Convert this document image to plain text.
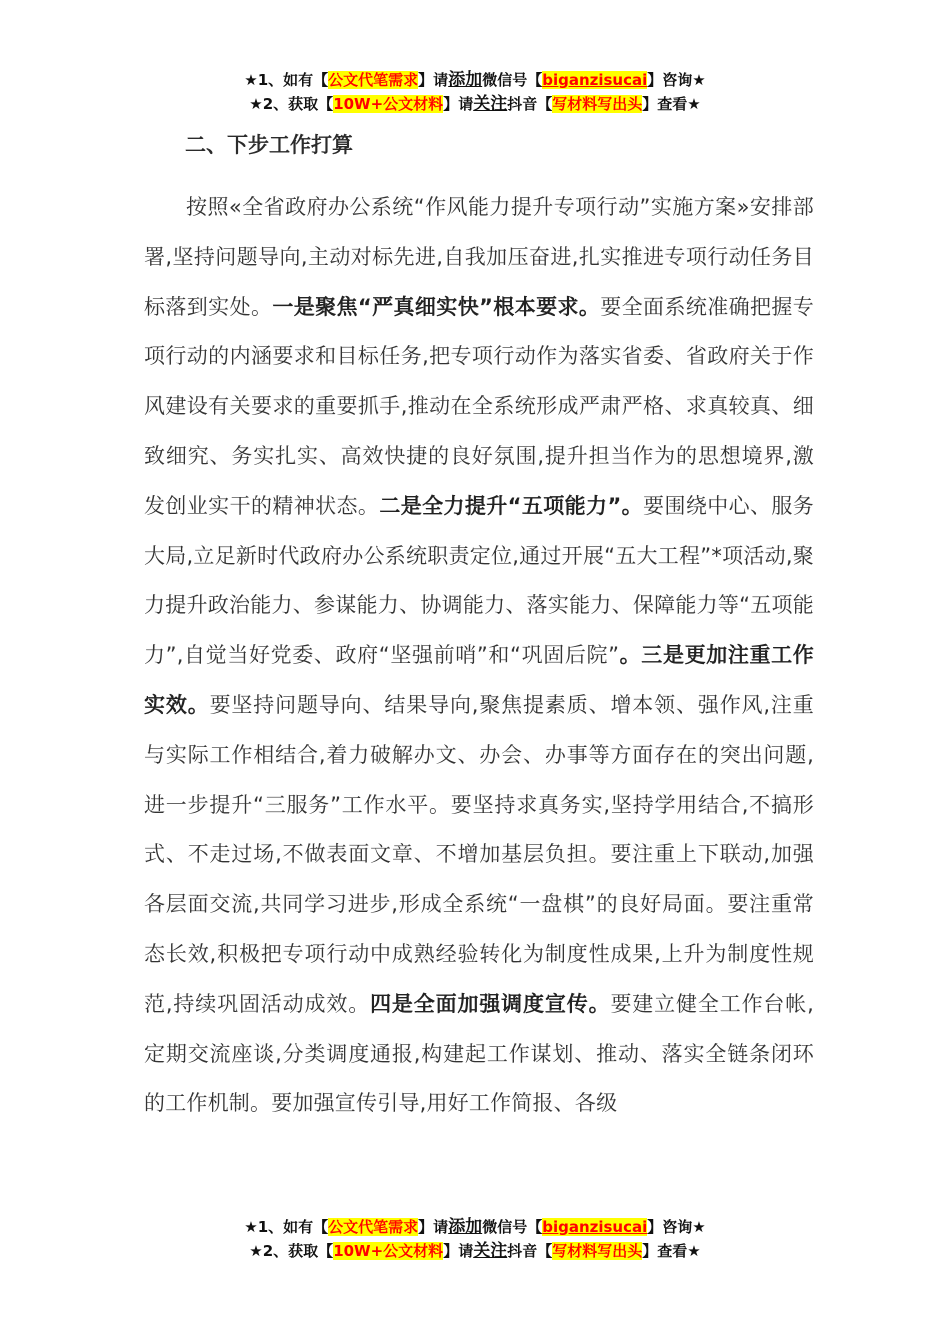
★1、如有【公文代笔需求】请添加微信号【biganzisucai】咨询★
★2、获取【10W+公文材料】请关注抖音【写材料写出头】查看★
二、下步工作打算

按照«全省政府办公系统“作风能力提升专项行动”实施方案»安排部署,坚持问题导向,主动对标先进,自我加压奋进,扎实推进专项行动任务目标落到实处。一是聚焦“严真细实快”根本要求。要全面系统准确把握专项行动的内涵要求和目标任务,把专项行动作为落实省委、省政府关于作风建设有关要求的重要抓手,推动在全系统形成严肃严格、求真较真、细致细究、务实扎实、高效快捷的良好氛围,提升担当作为的思想境界,激发创业实干的精神状态。二是全力提升“五项能力”。要围绕中心、服务大局,立足新时代政府办公系统职责定位,通过开展“五大工程”*项活动,聚力提升政治能力、参谋能力、协调能力、落实能力、保障能力等“五项能力”,自觉当好党委、政府“坚强前哨”和“巩固后院”。三是更加注重工作实效。要坚持问题导向、结果导向,聚焦提素质、增本领、强作风,注重与实际工作相结合,着力破解办文、办会、办事等方面存在的突出问题,进一步提升“三服务”工作水平。要坚持求真务实,坚持学用结合,不搞形式、不走过场,不做表面文章、不增加基层负担。要注重上下联动,加强各层面交流,共同学习进步,形成全系统“一盘棋”的良好局面。要注重常态长效,积极把专项行动中成熟经验转化为制度性成果,上升为制度性规范,持续巩固活动成效。四是全面加强调度宣传。要建立健全工作台帐,定期交流座谈,分类调度通报,构建起工作谋划、推动、落实全链条闭环的工作机制。要加强宣传引导,用好工作简报、各级

★1、如有【公文代笔需求】请添加微信号【biganzisucai】咨询★
★2、获取【10W+公文材料】请关注抖音【写材料写出头】查看★
